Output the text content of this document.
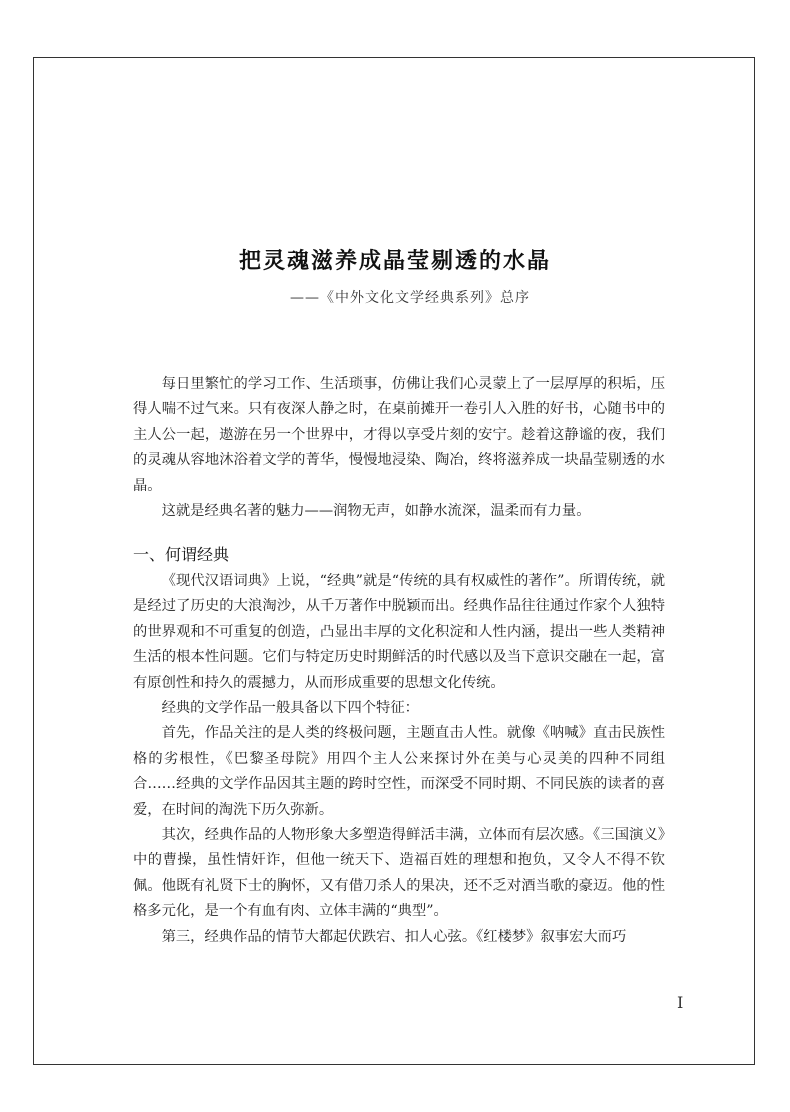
把灵魂滋养成晶莹剔透的水晶
——《中外文化文学经典系列》总序

每日里繁忙的学习工作、生活琐事，仿佛让我们心灵蒙上了一层厚厚的积垢，压得人喘不过气来。只有夜深人静之时，在桌前摊开一卷引人入胜的好书，心随书中的主人公一起，遨游在另一个世界中，才得以享受片刻的安宁。趁着这静谧的夜，我们的灵魂从容地沐浴着文学的菁华，慢慢地浸染、陶冶，终将滋养成一块晶莹剔透的水晶。

这就是经典名著的魅力——润物无声，如静水流深，温柔而有力量。

一、何谓经典

《现代汉语词典》上说，“经典”就是“传统的具有权威性的著作”。所谓传统，就是经过了历史的大浪淘沙，从千万著作中脱颖而出。经典作品往往通过作家个人独特的世界观和不可重复的创造，凸显出丰厚的文化积淀和人性内涵，提出一些人类精神生活的根本性问题。它们与特定历史时期鲜活的时代感以及当下意识交融在一起，富有原创性和持久的震撼力，从而形成重要的思想文化传统。

经典的文学作品一般具备以下四个特征：

首先，作品关注的是人类的终极问题，主题直击人性。就像《呐喊》直击民族性格的劣根性，《巴黎圣母院》用四个主人公来探讨外在美与心灵美的四种不同组合……经典的文学作品因其主题的跨时空性，而深受不同时期、不同民族的读者的喜爱，在时间的淘洗下历久弥新。

其次，经典作品的人物形象大多塑造得鲜活丰满，立体而有层次感。《三国演义》中的曹操，虽性情奸诈，但他一统天下、造福百姓的理想和抱负，又令人不得不钦佩。他既有礼贤下士的胸怀，又有借刀杀人的果决，还不乏对酒当歌的豪迈。他的性格多元化，是一个有血有肉、立体丰满的“典型”。

第三，经典作品的情节大都起伏跌宕、扣人心弦。《红楼梦》叙事宏大而巧

I
